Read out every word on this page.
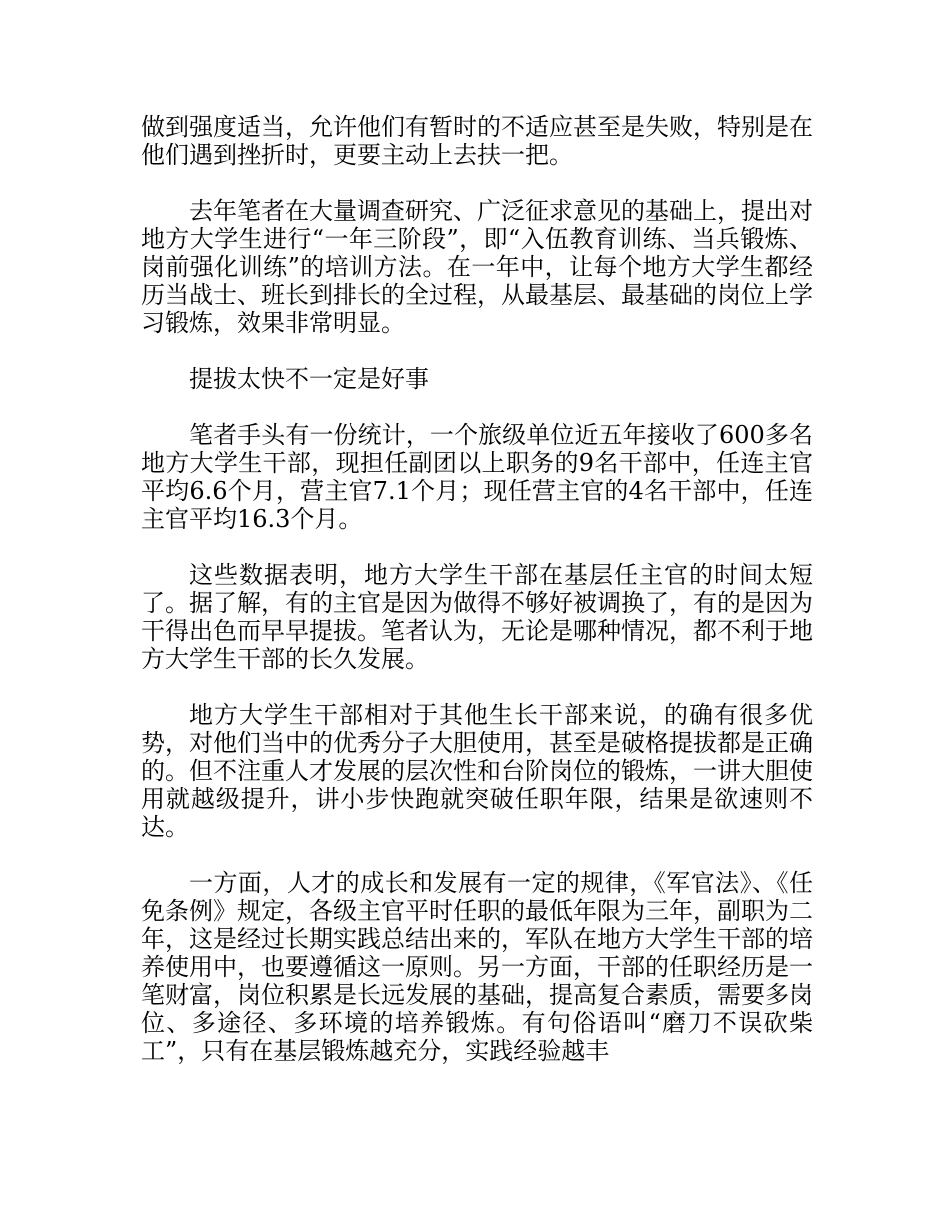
做到强度适当，允许他们有暂时的不适应甚至是失败，特别是在他们遇到挫折时，更要主动上去扶一把。

去年笔者在大量调查研究、广泛征求意见的基础上，提出对地方大学生进行“一年三阶段”，即“入伍教育训练、当兵锻炼、岗前强化训练”的培训方法。在一年中，让每个地方大学生都经历当战士、班长到排长的全过程，从最基层、最基础的岗位上学习锻炼，效果非常明显。

提拔太快不一定是好事

笔者手头有一份统计，一个旅级单位近五年接收了600多名地方大学生干部，现担任副团以上职务的9名干部中，任连主官平均6.6个月，营主官7.1个月；现任营主官的4名干部中，任连主官平均16.3个月。

这些数据表明，地方大学生干部在基层任主官的时间太短了。据了解，有的主官是因为做得不够好被调换了，有的是因为干得出色而早早提拔。笔者认为，无论是哪种情况，都不利于地方大学生干部的长久发展。

地方大学生干部相对于其他生长干部来说，的确有很多优势，对他们当中的优秀分子大胆使用，甚至是破格提拔都是正确的。但不注重人才发展的层次性和台阶岗位的锻炼，一讲大胆使用就越级提升，讲小步快跑就突破任职年限，结果是欲速则不达。

一方面，人才的成长和发展有一定的规律，《军官法》、《任免条例》规定，各级主官平时任职的最低年限为三年，副职为二年，这是经过长期实践总结出来的，军队在地方大学生干部的培养使用中，也要遵循这一原则。另一方面，干部的任职经历是一笔财富，岗位积累是长远发展的基础，提高复合素质，需要多岗位、多途径、多环境的培养锻炼。有句俗语叫“磨刀不误砍柴工”，只有在基层锻炼越充分，实践经验越丰
